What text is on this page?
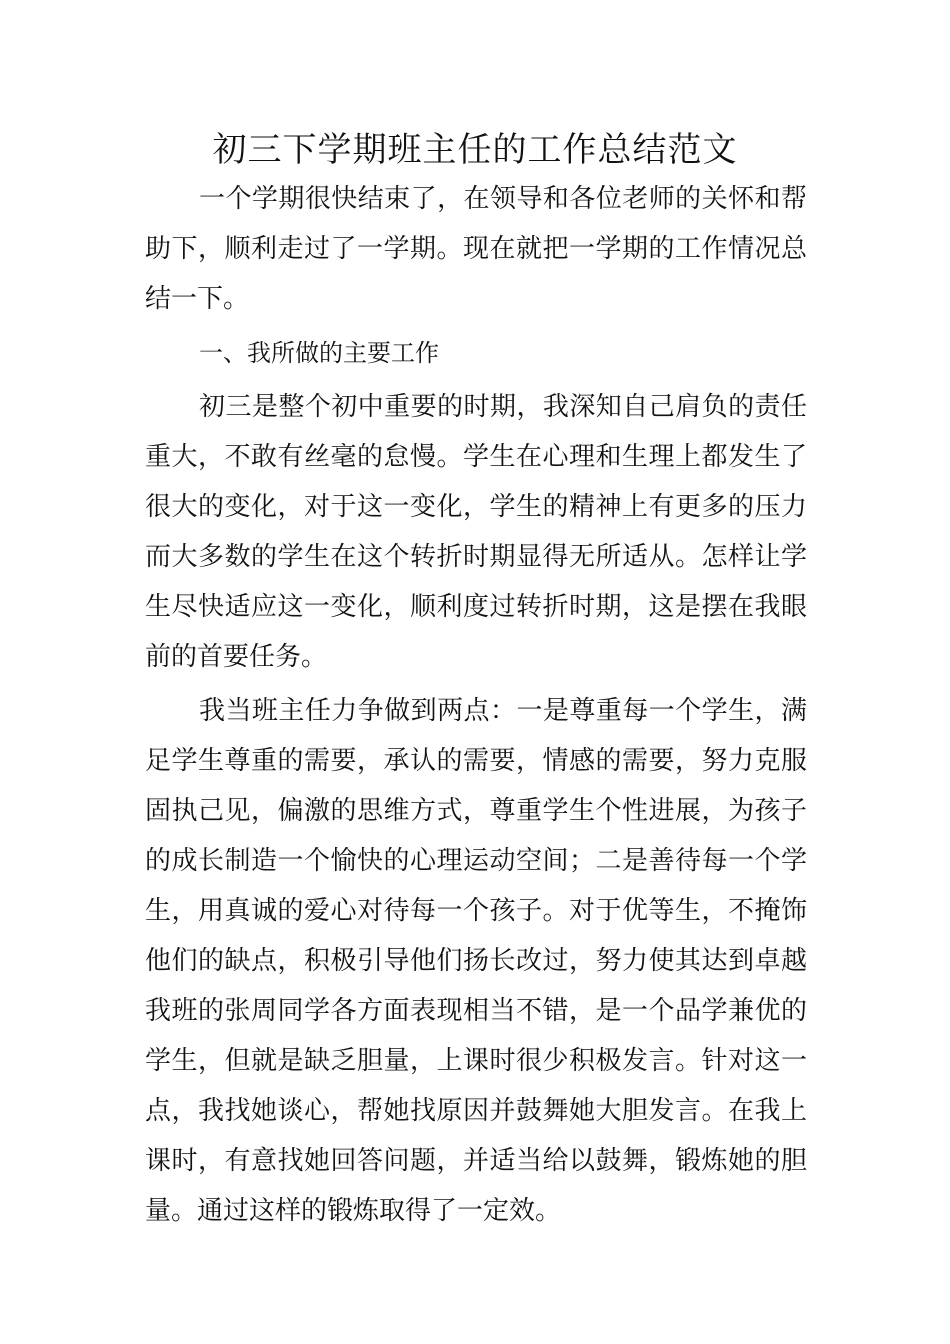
初三下学期班主任的工作总结范文

一个学期很快结束了，在领导和各位老师的关怀和帮助下，顺利走过了一学期。现在就把一学期的工作情况总结一下。

一、我所做的主要工作

初三是整个初中重要的时期，我深知自己肩负的责任重大，不敢有丝毫的怠慢。学生在心理和生理上都发生了很大的变化，对于这一变化，学生的精神上有更多的压力而大多数的学生在这个转折时期显得无所适从。怎样让学生尽快适应这一变化，顺利度过转折时期，这是摆在我眼前的首要任务。

我当班主任力争做到两点：一是尊重每一个学生，满足学生尊重的需要，承认的需要，情感的需要，努力克服固执己见，偏激的思维方式，尊重学生个性进展，为孩子的成长制造一个愉快的心理运动空间；二是善待每一个学生，用真诚的爱心对待每一个孩子。对于优等生，不掩饰他们的缺点，积极引导他们扬长改过，努力使其达到卓越我班的张周同学各方面表现相当不错，是一个品学兼优的学生，但就是缺乏胆量，上课时很少积极发言。针对这一点，我找她谈心，帮她找原因并鼓舞她大胆发言。在我上课时，有意找她回答问题，并适当给以鼓舞，锻炼她的胆量。通过这样的锻炼取得了一定效。
